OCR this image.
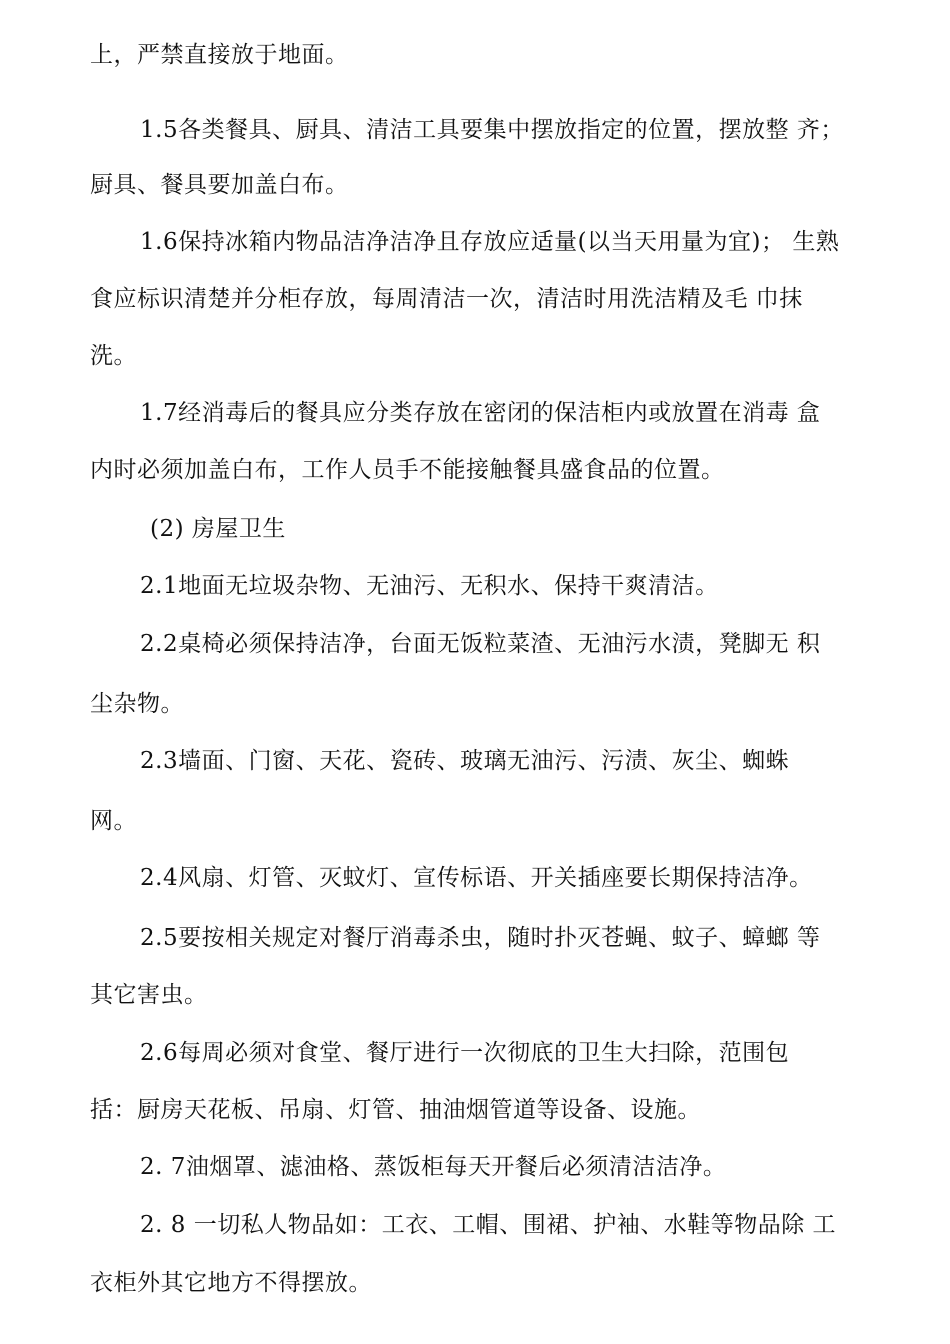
上，严禁直接放于地面。
1.5各类餐具、厨具、清洁工具要集中摆放指定的位置，摆放整 齐；
厨具、餐具要加盖白布。
1.6保持冰箱内物品洁净洁净且存放应适量(以当天用量为宜)； 生熟
食应标识清楚并分柜存放，每周清洁一次，清洁时用洗洁精及毛 巾抹
洗。
1.7经消毒后的餐具应分类存放在密闭的保洁柜内或放置在消毒 盒
内时必须加盖白布，工作人员手不能接触餐具盛食品的位置。
(2) 房屋卫生
2.1地面无垃圾杂物、无油污、无积水、保持干爽清洁。
2.2桌椅必须保持洁净，台面无饭粒菜渣、无油污水渍，凳脚无 积
尘杂物。
2.3墙面、门窗、天花、瓷砖、玻璃无油污、污渍、灰尘、蜘蛛
网。
2.4风扇、灯管、灭蚊灯、宣传标语、开关插座要长期保持洁净。
2.5要按相关规定对餐厅消毒杀虫，随时扑灭苍蝇、蚊子、蟑螂 等
其它害虫。
2.6每周必须对食堂、餐厅进行一次彻底的卫生大扫除，范围包
括：厨房天花板、吊扇、灯管、抽油烟管道等设备、设施。
2. 7油烟罩、滤油格、蒸饭柜每天开餐后必须清洁洁净。
2. 8 一切私人物品如：工衣、工帽、围裙、护袖、水鞋等物品除 工
衣柜外其它地方不得摆放。
